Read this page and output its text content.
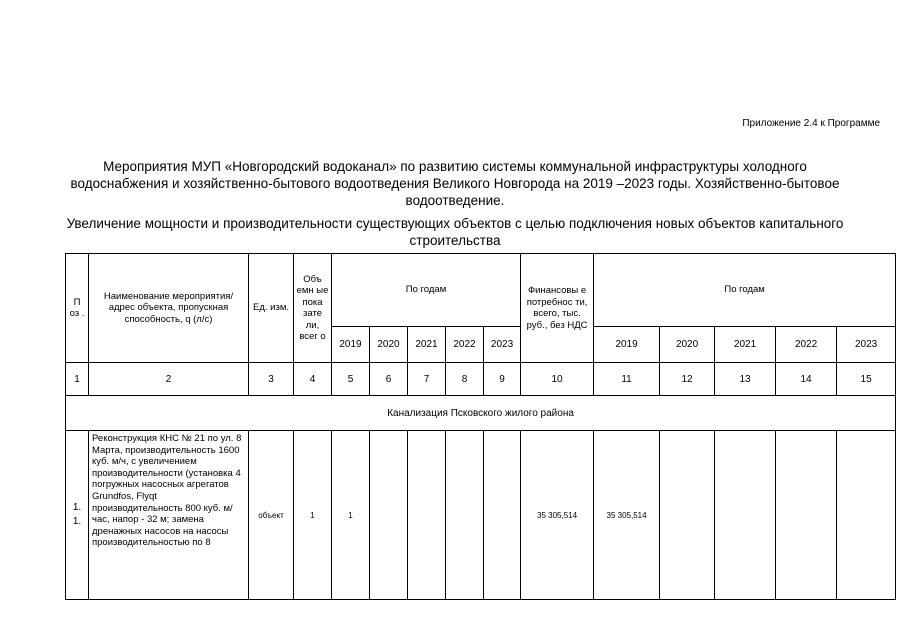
Приложение 2.4 к Программе
Мероприятия МУП «Новгородский водоканал» по развитию системы коммунальной инфраструктуры холодного водоснабжения и хозяйственно-бытового водоотведения Великого Новгорода на 2019 –2023 годы. Хозяйственно-бытовое водоотведение.
Увеличение мощности и производительности существующих объектов с целью подключения новых объектов капитального строительства
П оз .	Наименование мероприятия/адрес объекта, пропускная способность, q (л/с)	Ед. изм.	Объ емн ые пока зате ли, всег о	По годам					Финансовы е потребнос ти, всего, тыс. руб., без НДС	По годам				
				2019	2020	2021	2022	2023		2019	2020	2021	2022	2023
1	2	3	4	5	6	7	8	9	10	11	12	13	14	15
Канализация Псковского жилого района														
1. 1.	Реконструкция КНС № 21 по ул. 8 Марта, производительность 1600 куб. м/ч, с увеличением производительности (установка 4 погружных насосных агрегатов Grundfos, Flyqt производительность 800 куб. м/час, напор - 32 м; замена дренажных насосов на насосы производительностью по 8	объект	1	1					35 305,514	35 305,514				
